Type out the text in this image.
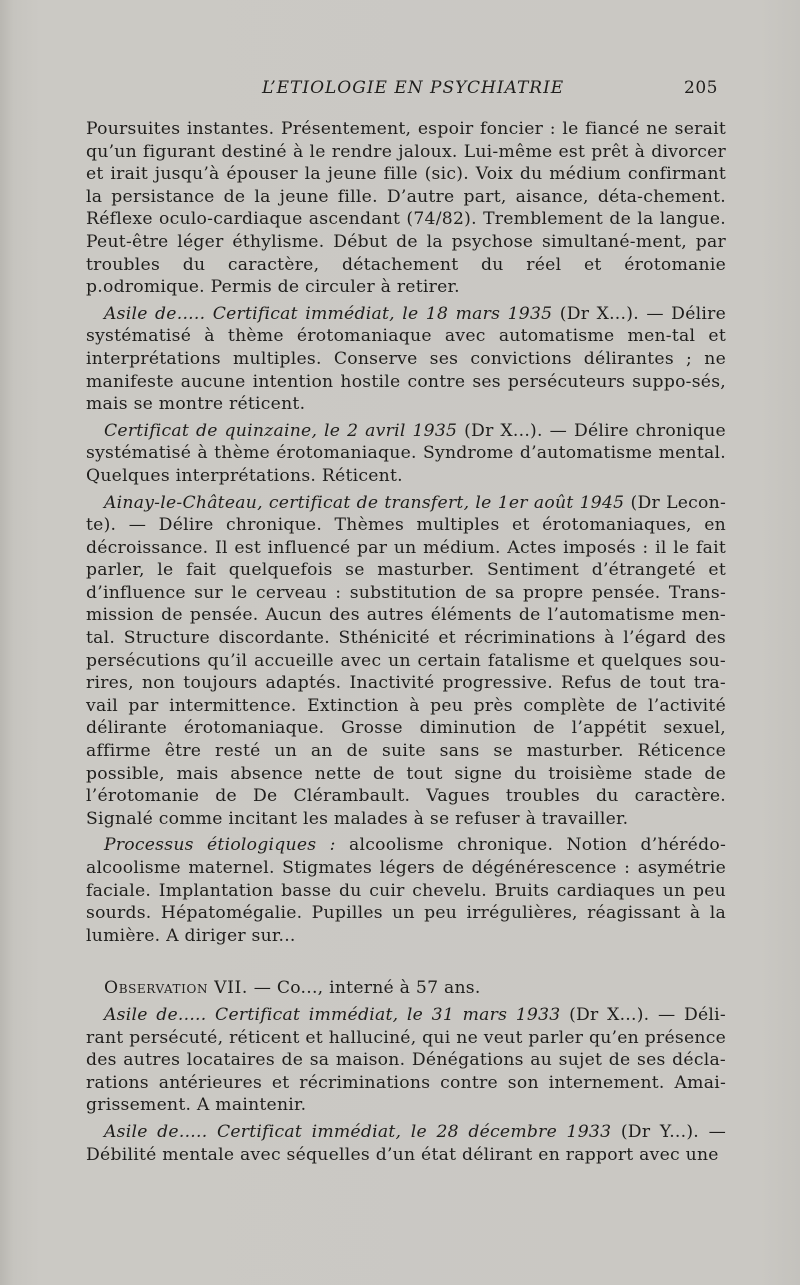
L’ETIOLOGIE EN PSYCHIATRIE	205

Poursuites instantes. Présentement, espoir foncier : le fiancé ne serait qu’un figurant destiné à le rendre jaloux. Lui-même est prêt à divorcer et irait jusqu’à épouser la jeune fille (sic). Voix du médium confirmant la persistance de la jeune fille. D’autre part, aisance, déta-chement. Réflexe oculo-cardiaque ascendant (74/82). Tremblement de la langue. Peut-être léger éthylisme. Début de la psychose simultané-ment, par troubles du caractère, détachement du réel et érotomanie p.odromique. Permis de circuler à retirer.

Asile de..... Certificat immédiat, le 18 mars 1935 (Dr X...). — Délire systématisé à thème érotomaniaque avec automatisme men-tal et interprétations multiples. Conserve ses convictions délirantes ; ne manifeste aucune intention hostile contre ses persécuteurs suppo-sés, mais se montre réticent.

Certificat de quinzaine, le 2 avril 1935 (Dr X...). — Délire chronique systématisé à thème érotomaniaque. Syndrome d’automatisme mental. Quelques interprétations. Réticent.

Ainay-le-Château, certificat de transfert, le 1er août 1945 (Dr Lecon-te). — Délire chronique. Thèmes multiples et érotomaniaques, en décroissance. Il est influencé par un médium. Actes imposés : il le fait parler, le fait quelquefois se masturber. Sentiment d’étrangeté et d’influence sur le cerveau : substitution de sa propre pensée. Trans-mission de pensée. Aucun des autres éléments de l’automatisme men-tal. Structure discordante. Sthénicité et récriminations à l’égard des persécutions qu’il accueille avec un certain fatalisme et quelques sou-rires, non toujours adaptés. Inactivité progressive. Refus de tout tra-vail par intermittence. Extinction à peu près complète de l’activité délirante érotomaniaque. Grosse diminution de l’appétit sexuel, affirme être resté un an de suite sans se masturber. Réticence possible, mais absence nette de tout signe du troisième stade de l’érotomanie de De Clérambault. Vagues troubles du caractère. Signalé comme incitant les malades à se refuser à travailler.

Processus étiologiques : alcoolisme chronique. Notion d’hérédo-alcoolisme maternel. Stigmates légers de dégénérescence : asymétrie faciale. Implantation basse du cuir chevelu. Bruits cardiaques un peu sourds. Hépatomégalie. Pupilles un peu irrégulières, réagissant à la lumière. A diriger sur...

Observation VII. — Co..., interné à 57 ans.

Asile de..... Certificat immédiat, le 31 mars 1933 (Dr X...). — Déli-rant persécuté, réticent et halluciné, qui ne veut parler qu’en présence des autres locataires de sa maison. Dénégations au sujet de ses décla-rations antérieures et récriminations contre son internement. Amai-grissement. A maintenir.

Asile de..... Certificat immédiat, le 28 décembre 1933 (Dr Y...). — Débilité mentale avec séquelles d’un état délirant en rapport avec une
